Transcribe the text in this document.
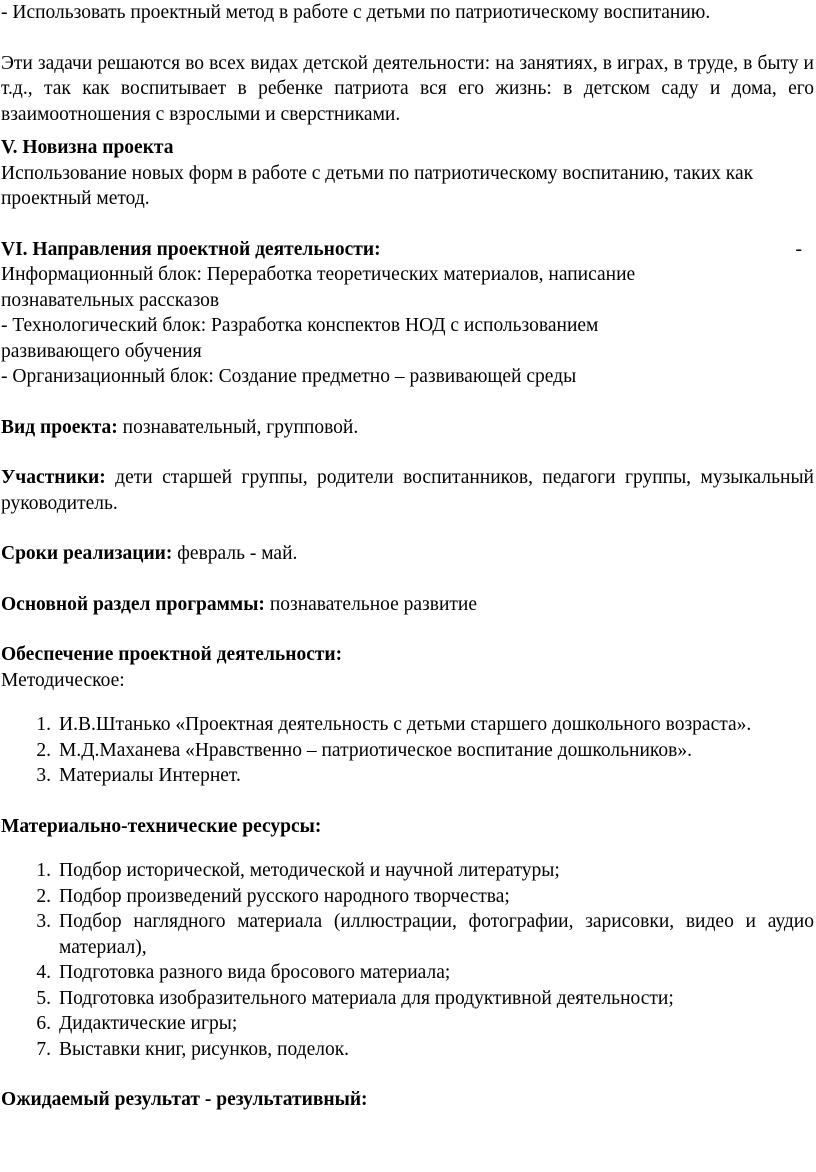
- Использовать проектный метод в работе с детьми по патриотическому воспитанию.

Эти задачи решаются во всех видах детской деятельности: на занятиях, в играх, в труде, в быту и т.д., так как воспитывает в ребенке патриота вся его жизнь: в детском саду и дома, его взаимоотношения с взрослыми и сверстниками.

V. Новизна проекта

Использование новых форм в работе с детьми по патриотическому воспитанию, таких как проектный метод.

VI. Направления проектной деятельности:	-

Информационный блок: Переработка теоретических материалов, написание познавательных рассказов

- Технологический блок: Разработка конспектов НОД с использованием развивающего обучения

- Организационный блок: Создание предметно – развивающей среды

Вид проекта: познавательный, групповой.

Участники: дети старшей группы, родители воспитанников, педагоги группы, музыкальный руководитель.

Сроки реализации: февраль - май.

Основной раздел программы: познавательное развитие

Обеспечение проектной деятельности:

Методическое:

1. И.В.Штанько «Проектная деятельность с детьми старшего дошкольного возраста».
2. М.Д.Маханева «Нравственно – патриотическое воспитание дошкольников».
3. Материалы Интернет.

Материально-технические ресурсы:

1. Подбор исторической, методической и научной литературы;
2. Подбор произведений русского народного творчества;
3. Подбор наглядного материала (иллюстрации, фотографии, зарисовки, видео и аудио материал),
4. Подготовка разного вида бросового материала;
5. Подготовка изобразительного материала для продуктивной деятельности;
6. Дидактические игры;
7. Выставки книг, рисунков, поделок.

Ожидаемый результат - результативный:
